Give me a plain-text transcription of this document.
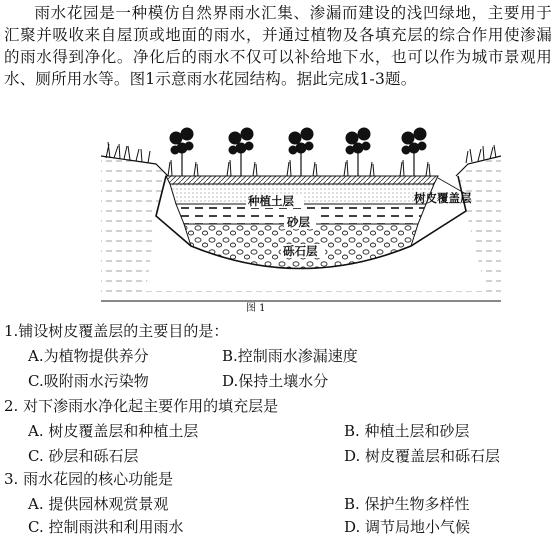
雨水花园是一种模仿自然界雨水汇集、渗漏而建设的浅凹绿地，主要用于汇聚并吸收来自屋顶或地面的雨水，并通过植物及各填充层的综合作用使渗漏的雨水得到净化。净化后的雨水不仅可以补给地下水，也可以作为城市景观用水、厕所用水等。图1示意雨水花园结构。据此完成1-3题。
种植土层
砂层
砾石层
树皮覆盖层
图 1
1.铺设树皮覆盖层的主要目的是：
A.为植物提供养分	B.控制雨水渗漏速度
C.吸附雨水污染物	D.保持土壤水分
2. 对下渗雨水净化起主要作用的填充层是
A. 树皮覆盖层和种植土层	B. 种植土层和砂层
C. 砂层和砾石层	D. 树皮覆盖层和砾石层
3. 雨水花园的核心功能是
A. 提供园林观赏景观	B. 保护生物多样性
C. 控制雨洪和利用雨水	D. 调节局地小气候
